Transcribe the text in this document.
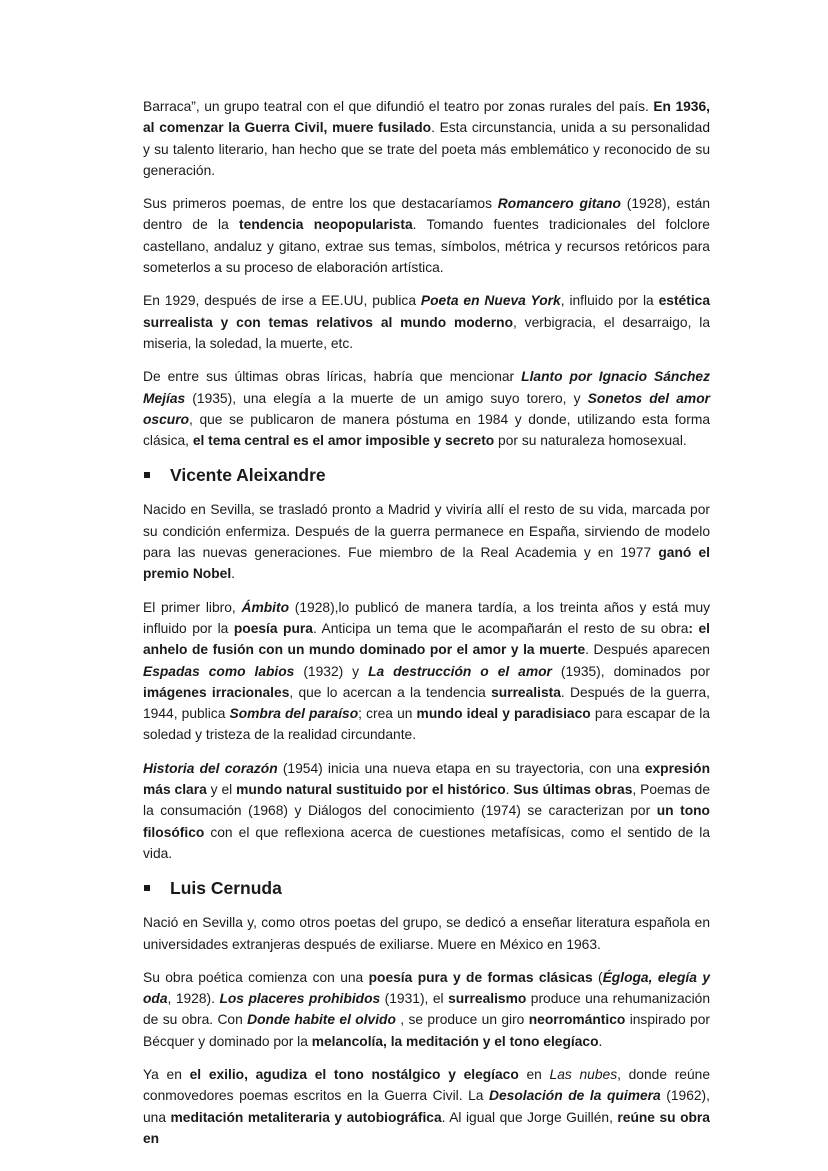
Barraca”, un grupo teatral con el que difundió el teatro por zonas rurales del país. En 1936, al comenzar la Guerra Civil, muere fusilado. Esta circunstancia, unida a su personalidad y su talento literario, han hecho que se trate del poeta más emblemático y reconocido de su generación.

Sus primeros poemas, de entre los que destacaríamos Romancero gitano (1928), están dentro de la tendencia neopopularista. Tomando fuentes tradicionales del folclore castellano, andaluz y gitano, extrae sus temas, símbolos, métrica y recursos retóricos para someterlos a su proceso de elaboración artística.

En 1929, después de irse a EE.UU, publica Poeta en Nueva York, influido por la estética surrealista y con temas relativos al mundo moderno, verbigracia, el desarraigo, la miseria, la soledad, la muerte, etc.

De entre sus últimas obras líricas, habría que mencionar Llanto por Ignacio Sánchez Mejías (1935), una elegía a la muerte de un amigo suyo torero, y Sonetos del amor oscuro, que se publicaron de manera póstuma en 1984 y donde, utilizando esta forma clásica, el tema central es el amor imposible y secreto por su naturaleza homosexual.

Vicente Aleixandre

Nacido en Sevilla, se trasladó pronto a Madrid y viviría allí el resto de su vida, marcada por su condición enfermiza. Después de la guerra permanece en España, sirviendo de modelo para las nuevas generaciones. Fue miembro de la Real Academia y en 1977 ganó el premio Nobel.

El primer libro, Ámbito (1928),lo publicó de manera tardía, a los treinta años y está muy influido por la poesía pura. Anticipa un tema que le acompañarán el resto de su obra: el anhelo de fusión con un mundo dominado por el amor y la muerte. Después aparecen Espadas como labios (1932) y La destrucción o el amor (1935), dominados por imágenes irracionales, que lo acercan a la tendencia surrealista. Después de la guerra, 1944, publica Sombra del paraíso; crea un mundo ideal y paradisiaco para escapar de la soledad y tristeza de la realidad circundante.

Historia del corazón (1954) inicia una nueva etapa en su trayectoria, con una expresión más clara y el mundo natural sustituido por el histórico. Sus últimas obras, Poemas de la consumación (1968) y Diálogos del conocimiento (1974) se caracterizan por un tono filosófico con el que reflexiona acerca de cuestiones metafísicas, como el sentido de la vida.

Luis Cernuda

Nació en Sevilla y, como otros poetas del grupo, se dedicó a enseñar literatura española en universidades extranjeras después de exiliarse. Muere en México en 1963.

Su obra poética comienza con una poesía pura y de formas clásicas (Égloga, elegía y oda, 1928). Los placeres prohibidos (1931), el surrealismo produce una rehumanización de su obra. Con Donde habite el olvido , se produce un giro neorromántico inspirado por Bécquer y dominado por la melancolía, la meditación y el tono elegíaco.

Ya en el exilio, agudiza el tono nostálgico y elegíaco en Las nubes, donde reúne conmovedores poemas escritos en la Guerra Civil. La Desolación de la quimera (1962), una meditación metaliteraria y autobiográfica. Al igual que Jorge Guillén, reúne su obra en
